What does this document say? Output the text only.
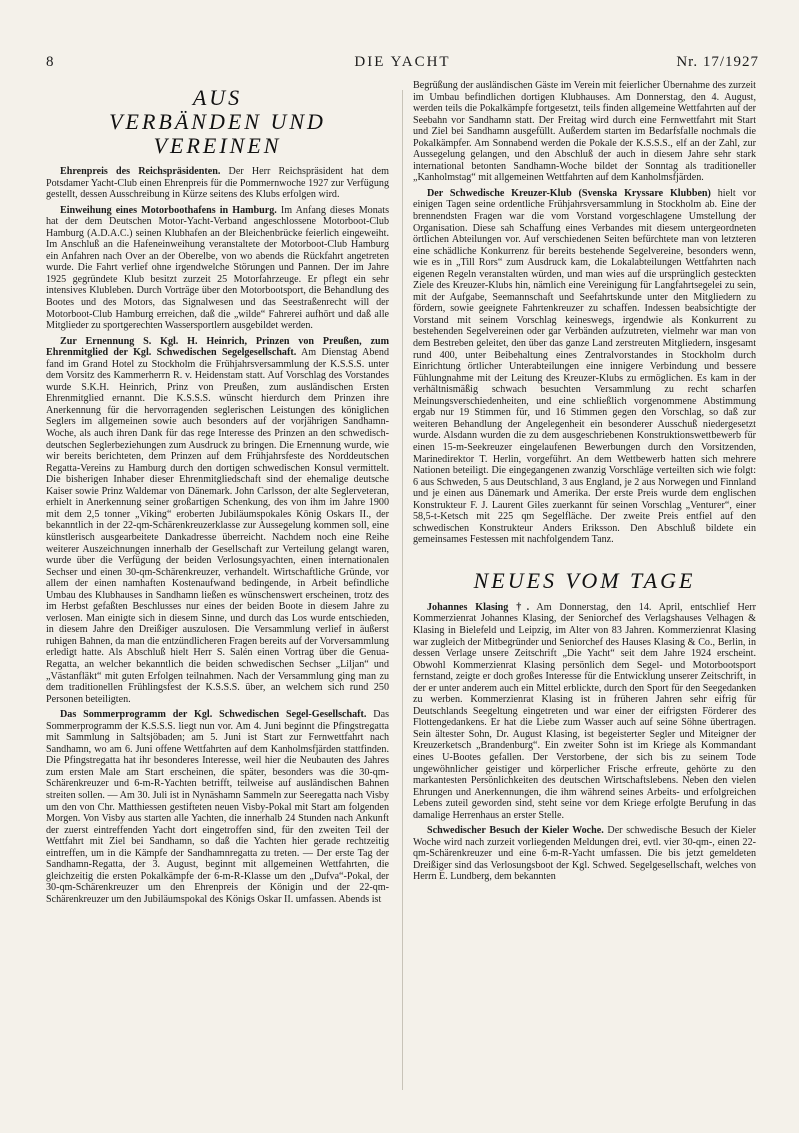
8	DIE YACHT	Nr. 17/1927
AUS
VERBÄNDEN UND VEREINEN

Ehrenpreis des Reichspräsidenten. Der Herr Reichspräsident hat dem Potsdamer Yacht-Club einen Ehrenpreis für die Pommernwoche 1927 zur Verfügung gestellt, dessen Ausschreibung in Kürze seitens des Klubs erfolgen wird.

Einweihung eines Motorboothafens in Hamburg. Im Anfang dieses Monats hat der dem Deutschen Motor-Yacht-Verband angeschlossene Motorboot-Club Hamburg (A.D.A.C.) seinen Klubhafen an der Bleichenbrücke feierlich eingeweiht. Im Anschluß an die Hafeneinweihung veranstaltete der Motorboot-Club Hamburg ein Anfahren nach Over an der Oberelbe, von wo abends die Rückfahrt angetreten wurde. Die Fahrt verlief ohne irgendwelche Störungen und Pannen. Der im Jahre 1925 gegründete Klub besitzt zurzeit 25 Motorfahrzeuge. Er pflegt ein sehr intensives Klubleben. Durch Vorträge über den Motorbootsport, die Behandlung des Bootes und des Motors, das Signalwesen und das Seestraßenrecht will der Motorboot-Club Hamburg erreichen, daß die „wilde“ Fahrerei aufhört und daß alle Mitglieder zu sportgerechten Wassersportlern ausgebildet werden.

Zur Ernennung S. Kgl. H. Heinrich, Prinzen von Preußen, zum Ehrenmitglied der Kgl. Schwedischen Segelgesellschaft. Am Dienstag Abend fand im Grand Hotel zu Stockholm die Frühjahrsversammlung der K.S.S.S. unter dem Vorsitz des Kammerherrn R. v. Heidenstam statt. Auf Vorschlag des Vorstandes wurde S.K.H. Heinrich, Prinz von Preußen, zum ausländischen Ersten Ehrenmitglied ernannt. Die K.S.S.S. wünscht hierdurch dem Prinzen ihre Anerkennung für die hervorragenden seglerischen Leistungen des königlichen Seglers im allgemeinen sowie auch besonders auf der vorjährigen Sandhamn-Woche, als auch ihren Dank für das rege Interesse des Prinzen an den schwedisch-deutschen Seglerbeziehungen zum Ausdruck zu bringen. Die Ernennung wurde, wie wir bereits berichteten, dem Prinzen auf dem Frühjahrsfeste des Norddeutschen Regatta-Vereins zu Hamburg durch den dortigen schwedischen Konsul vermittelt. Die bisherigen Inhaber dieser Ehrenmitgliedschaft sind der ehemalige deutsche Kaiser sowie Prinz Waldemar von Dänemark. John Carlsson, der alte Seglerveteran, erhielt in Anerkennung seiner großartigen Schenkung, des von ihm im Jahre 1900 mit dem 2,5 tonner „Viking“ eroberten Jubiläumspokales König Oskars II., der bekanntlich in der 22-qm-Schärenkreuzerklasse zur Aussegelung kommen soll, eine künstlerisch ausgearbeitete Dankadresse überreicht. Nachdem noch eine Reihe weiterer Auszeichnungen innerhalb der Gesellschaft zur Verteilung gelangt waren, wurde über die Verfügung der beiden Verlosungsyachten, einen internationalen Sechser und einen 30-qm-Schärenkreuzer, verhandelt. Wirtschaftliche Gründe, vor allem der einen namhaften Kostenaufwand bedingende, in Arbeit befindliche Umbau des Klubhauses in Sandhamn ließen es wünschenswert erscheinen, trotz des im Herbst gefaßten Beschlusses nur eines der beiden Boote in diesem Jahre zu verlosen. Man einigte sich in diesem Sinne, und durch das Los wurde entschieden, in diesem Jahre den Dreißiger auszulosen. Die Versammlung verlief in äußerst ruhigen Bahnen, da man die entzündlicheren Fragen bereits auf der Vorversammlung erledigt hatte. Als Abschluß hielt Herr S. Salén einen Vortrag über die Genua-Regatta, an welcher bekanntlich die beiden schwedischen Sechser „Liljan“ und „Västanfläkt“ mit guten Erfolgen teilnahmen. Nach der Versammlung ging man zu dem traditionellen Frühlingsfest der K.S.S.S. über, an welchem sich rund 250 Personen beteiligten.

Das Sommerprogramm der Kgl. Schwedischen Segel-Gesellschaft. Das Sommerprogramm der K.S.S.S. liegt nun vor. Am 4. Juni beginnt die Pfingstregatta mit Sammlung in Saltsjöbaden; am 5. Juni ist Start zur Fernwettfahrt nach Sandhamn, wo am 6. Juni offene Wettfahrten auf dem Kanholmsfjärden stattfinden. Die Pfingstregatta hat ihr besonderes Interesse, weil hier die Neubauten des Jahres zum ersten Male am Start erscheinen, die später, besonders was die 30-qm-Schärenkreuzer und 6-m-R-Yachten betrifft, teilweise auf ausländischen Bahnen streiten sollen. — Am 30. Juli ist in Nynäshamn Sammeln zur Seeregatta nach Visby um den von Chr. Matthiessen gestifteten neuen Visby-Pokal mit Start am folgenden Morgen. Von Visby aus starten alle Yachten, die innerhalb 24 Stunden nach Ankunft der zuerst eintreffenden Yacht dort eingetroffen sind, für den zweiten Teil der Wettfahrt mit Ziel bei Sandhamn, so daß die Yachten hier gerade rechtzeitig eintreffen, um in die Kämpfe der Sandhamnregatta zu treten. — Der erste Tag der Sandhamn-Regatta, der 3. August, beginnt mit allgemeinen Wettfahrten, die gleichzeitig die ersten Pokalkämpfe der 6-m-R-Klasse um den „Dufva“-Pokal, der 30-qm-Schärenkreuzer um den Ehrenpreis der Königin und der 22-qm-Schärenkreuzer um den Jubiläumspokal des Königs Oskar II. umfassen. Abends ist

Begrüßung der ausländischen Gäste im Verein mit feierlicher Übernahme des zurzeit im Umbau befindlichen dortigen Klubhauses. Am Donnerstag, den 4. August, werden teils die Pokalkämpfe fortgesetzt, teils finden allgemeine Wettfahrten auf der Seebahn vor Sandhamn statt. Der Freitag wird durch eine Fernwettfahrt mit Start und Ziel bei Sandhamn ausgefüllt. Außerdem starten im Bedarfsfalle nochmals die Pokalkämpfer. Am Sonnabend werden die Pokale der K.S.S.S., elf an der Zahl, zur Aussegelung gelangen, und den Abschluß der auch in diesem Jahre sehr stark international betonten Sandhamn-Woche bildet der Sonntag als traditioneller „Kanholmstag“ mit allgemeinen Wettfahrten auf dem Kanholmsfjärden.

Der Schwedische Kreuzer-Klub (Svenska Kryssare Klubben) hielt vor einigen Tagen seine ordentliche Frühjahrsversammlung in Stockholm ab. Eine der brennendsten Fragen war die vom Vorstand vorgeschlagene Umstellung der Organisation. Diese sah Schaffung eines Verbandes mit diesem untergeordneten örtlichen Abteilungen vor. Auf verschiedenen Seiten befürchtete man von letzteren eine schädliche Konkurrenz für bereits bestehende Segelvereine, besonders wenn, wie es in „Till Rors“ zum Ausdruck kam, die Lokalabteilungen Wettfahrten nach eigenen Regeln veranstalten würden, und man wies auf die ursprünglich gesteckten Ziele des Kreuzer-Klubs hin, nämlich eine Vereinigung für Langfahrtsegelei zu sein, mit der Aufgabe, Seemannschaft und Seefahrtskunde unter den Mitgliedern zu fördern, sowie geeignete Fahrtenkreuzer zu schaffen. Indessen beabsichtigte der Vorstand mit seinem Vorschlag keineswegs, irgendwie als Konkurrent zu bestehenden Segelvereinen oder gar Verbänden aufzutreten, vielmehr war man von dem Bestreben geleitet, den über das ganze Land zerstreuten Mitgliedern, insgesamt rund 400, unter Beibehaltung eines Zentralvorstandes in Stockholm durch Einrichtung örtlicher Unterabteilungen eine innigere Verbindung und bessere Fühlungnahme mit der Leitung des Kreuzer-Klubs zu ermöglichen. Es kam in der verhältnismäßig schwach besuchten Versammlung zu recht scharfen Meinungsverschiedenheiten, und eine schließlich vorgenommene Abstimmung ergab nur 19 Stimmen für, und 16 Stimmen gegen den Vorschlag, so daß zur weiteren Behandlung der Angelegenheit ein besonderer Ausschuß niedergesetzt wurde. Alsdann wurden die zu dem ausgeschriebenen Konstruktionswettbewerb für einen 15-m-Seekreuzer eingelaufenen Bewerbungen durch den Vorsitzenden, Marinedirektor T. Herlin, vorgeführt. An dem Wettbewerb hatten sich mehrere Nationen beteiligt. Die eingegangenen zwanzig Vorschläge verteilten sich wie folgt: 6 aus Schweden, 5 aus Deutschland, 3 aus England, je 2 aus Norwegen und Finnland und je einen aus Dänemark und Amerika. Der erste Preis wurde dem englischen Konstrukteur F. J. Laurent Giles zuerkannt für seinen Vorschlag „Venturer“, einer 58,5-t-Ketsch mit 225 qm Segelfläche. Der zweite Preis entfiel auf den schwedischen Konstrukteur Anders Eriksson. Den Abschluß bildete ein gemeinsames Festessen mit nachfolgendem Tanz.

NEUES VOM TAGE

Johannes Klasing †. Am Donnerstag, den 14. April, entschlief Herr Kommerzienrat Johannes Klasing, der Seniorchef des Verlagshauses Velhagen & Klasing in Bielefeld und Leipzig, im Alter von 83 Jahren. Kommerzienrat Klasing war zugleich der Mitbegründer und Seniorchef des Hauses Klasing & Co., Berlin, in dessen Verlage unsere Zeitschrift „Die Yacht“ seit dem Jahre 1924 erscheint. Obwohl Kommerzienrat Klasing persönlich dem Segel- und Motorbootsport fernstand, zeigte er doch großes Interesse für die Entwicklung unserer Zeitschrift, in der er unter anderem auch ein Mittel erblickte, durch den Sport für den Seegedanken zu werben. Kommerzienrat Klasing ist in früheren Jahren sehr eifrig für Deutschlands Seegeltung eingetreten und war einer der eifrigsten Förderer des Flottengedankens. Er hat die Liebe zum Wasser auch auf seine Söhne übertragen. Sein ältester Sohn, Dr. August Klasing, ist begeisterter Segler und Miteigner der Kreuzerketsch „Brandenburg“. Ein zweiter Sohn ist im Kriege als Kommandant eines U-Bootes gefallen. Der Verstorbene, der sich bis zu seinem Tode ungewöhnlicher geistiger und körperlicher Frische erfreute, gehörte zu den markantesten Persönlichkeiten des deutschen Wirtschaftslebens. Neben den vielen Ehrungen und Anerkennungen, die ihm während seines Arbeits- und erfolgreichen Lebens zuteil geworden sind, steht seine vor dem Kriege erfolgte Berufung in das damalige Herrenhaus an erster Stelle.

Schwedischer Besuch der Kieler Woche. Der schwedische Besuch der Kieler Woche wird nach zurzeit vorliegenden Meldungen drei, evtl. vier 30-qm-, einen 22-qm-Schärenkreuzer und eine 6-m-R-Yacht umfassen. Die bis jetzt gemeldeten Dreißiger sind das Verlosungsboot der Kgl. Schwed. Segelgesellschaft, welches von Herrn E. Lundberg, dem bekannten
